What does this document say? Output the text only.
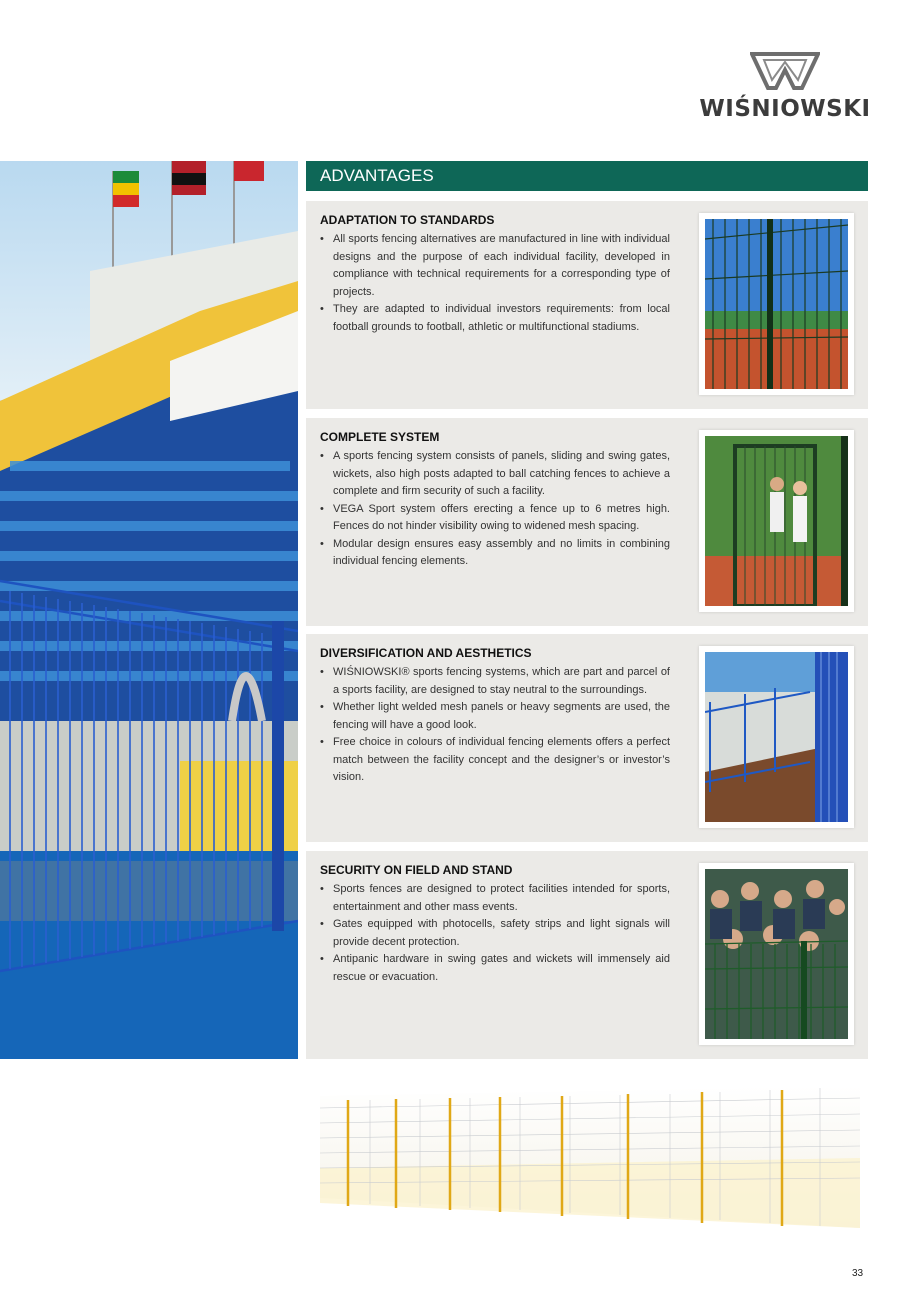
WIŚNIOWSKI
ADVANTAGES
ADAPTATION TO STANDARDS
• All sports fencing alternatives are manufactured in line with individual designs and the purpose of each individual facility, developed in compliance with technical requirements for a corresponding type of projects.
• They are adapted to individual investors requirements: from local football grounds to football, athletic or multifunctional stadiums.
COMPLETE SYSTEM
• A sports fencing system consists of panels, sliding and swing gates, wickets, also high posts adapted to ball catching fences to achieve a complete and firm security of such a facility.
• VEGA Sport system offers erecting a fence up to 6 metres high. Fences do not hinder visibility owing to widened mesh spacing.
• Modular design ensures easy assembly and no limits in combining individual fencing elements.
DIVERSIFICATION AND AESTHETICS
• WIŚNIOWSKI® sports fencing systems, which are part and parcel of a sports facility, are designed to stay neutral to the surroundings.
• Whether light welded mesh panels or heavy segments are used, the fencing will have a good look.
• Free choice in colours of individual fencing elements offers a perfect match between the facility concept and the designer’s or investor’s vision.
SECURITY ON FIELD AND STAND
• Sports fences are designed to protect facilities intended for sports, entertainment and other mass events.
• Gates equipped with photocells, safety strips and light signals will provide decent protection.
• Antipanic hardware in swing gates and wickets will immensely aid rescue or evacuation.
33
